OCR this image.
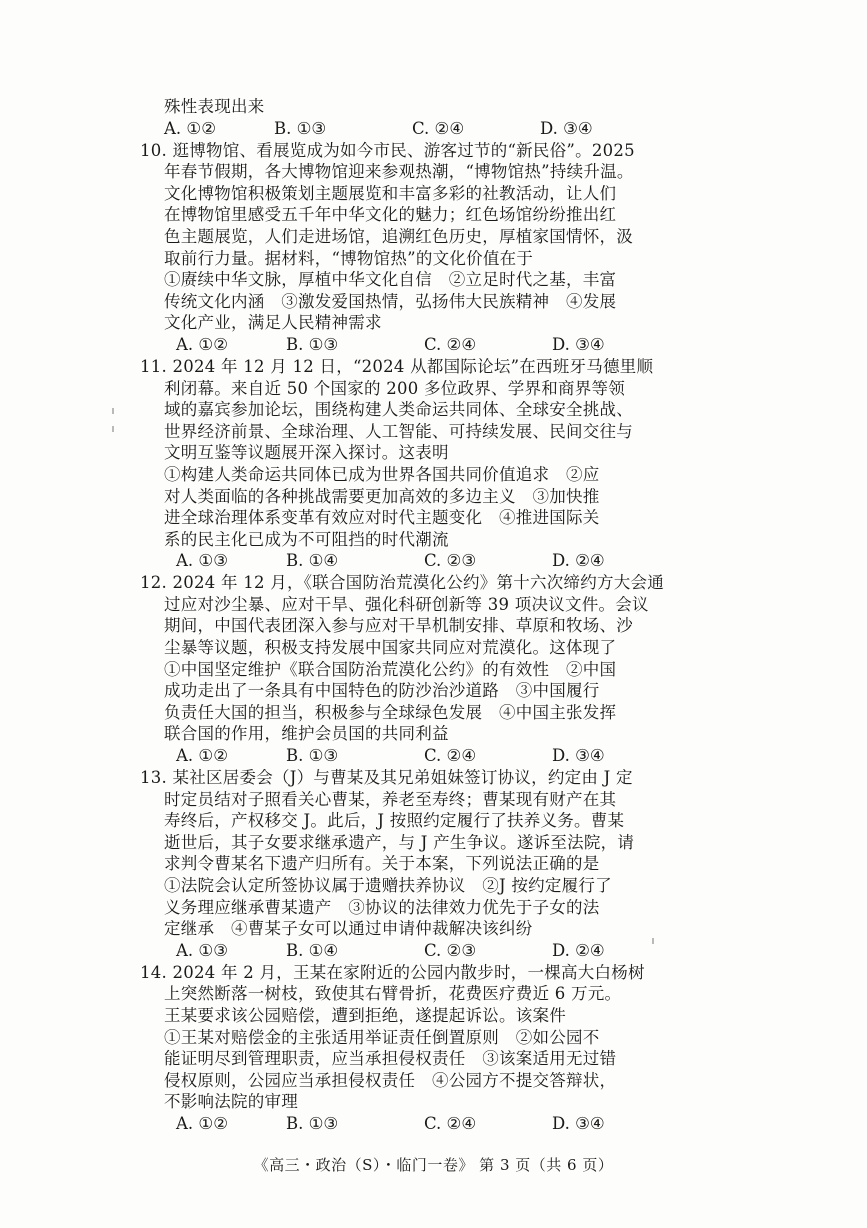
殊性表现出来
A. ①②	B. ①③	C. ②④	D. ③④
10. 逛博物馆、看展览成为如今市民、游客过节的“新民俗”。2025
年春节假期，各大博物馆迎来参观热潮，“博物馆热”持续升温。
文化博物馆积极策划主题展览和丰富多彩的社教活动，让人们
在博物馆里感受五千年中华文化的魅力；红色场馆纷纷推出红
色主题展览，人们走进场馆，追溯红色历史，厚植家国情怀，汲
取前行力量。据材料，“博物馆热”的文化价值在于
①赓续中华文脉，厚植中华文化自信　②立足时代之基，丰富
传统文化内涵　③激发爱国热情，弘扬伟大民族精神　④发展
文化产业，满足人民精神需求
A. ①②	B. ①③	C. ②④	D. ③④
11. 2024 年 12 月 12 日，“2024 从都国际论坛”在西班牙马德里顺
利闭幕。来自近 50 个国家的 200 多位政界、学界和商界等领
域的嘉宾参加论坛，围绕构建人类命运共同体、全球安全挑战、
世界经济前景、全球治理、人工智能、可持续发展、民间交往与
文明互鉴等议题展开深入探讨。这表明
①构建人类命运共同体已成为世界各国共同价值追求　②应
对人类面临的各种挑战需要更加高效的多边主义　③加快推
进全球治理体系变革有效应对时代主题变化　④推进国际关
系的民主化已成为不可阻挡的时代潮流
A. ①③	B. ①④	C. ②③	D. ②④
12. 2024 年 12 月，《联合国防治荒漠化公约》第十六次缔约方大会通
过应对沙尘暴、应对干旱、强化科研创新等 39 项决议文件。会议
期间，中国代表团深入参与应对干旱机制安排、草原和牧场、沙
尘暴等议题，积极支持发展中国家共同应对荒漠化。这体现了
①中国坚定维护《联合国防治荒漠化公约》的有效性　②中国
成功走出了一条具有中国特色的防沙治沙道路　③中国履行
负责任大国的担当，积极参与全球绿色发展　④中国主张发挥
联合国的作用，维护会员国的共同利益
A. ①②	B. ①③	C. ②④	D. ③④
13. 某社区居委会（J）与曹某及其兄弟姐妹签订协议，约定由 J 定
时定员结对子照看关心曹某，养老至寿终；曹某现有财产在其
寿终后，产权移交 J。此后，J 按照约定履行了扶养义务。曹某
逝世后，其子女要求继承遗产，与 J 产生争议。遂诉至法院，请
求判令曹某名下遗产归所有。关于本案，下列说法正确的是
①法院会认定所签协议属于遗赠扶养协议　②J 按约定履行了
义务理应继承曹某遗产　③协议的法律效力优先于子女的法
定继承　④曹某子女可以通过申请仲裁解决该纠纷
A. ①③	B. ①④	C. ②③	D. ②④
14. 2024 年 2 月，王某在家附近的公园内散步时，一棵高大白杨树
上突然断落一树枝，致使其右臂骨折，花费医疗费近 6 万元。
王某要求该公园赔偿，遭到拒绝，遂提起诉讼。该案件
①王某对赔偿金的主张适用举证责任倒置原则　②如公园不
能证明尽到管理职责，应当承担侵权责任　③该案适用无过错
侵权原则，公园应当承担侵权责任　④公园方不提交答辩状，
不影响法院的审理
A. ①②	B. ①③	C. ②④	D. ③④
《高三・政治（S）・临门一卷》 第 3 页（共 6 页）
